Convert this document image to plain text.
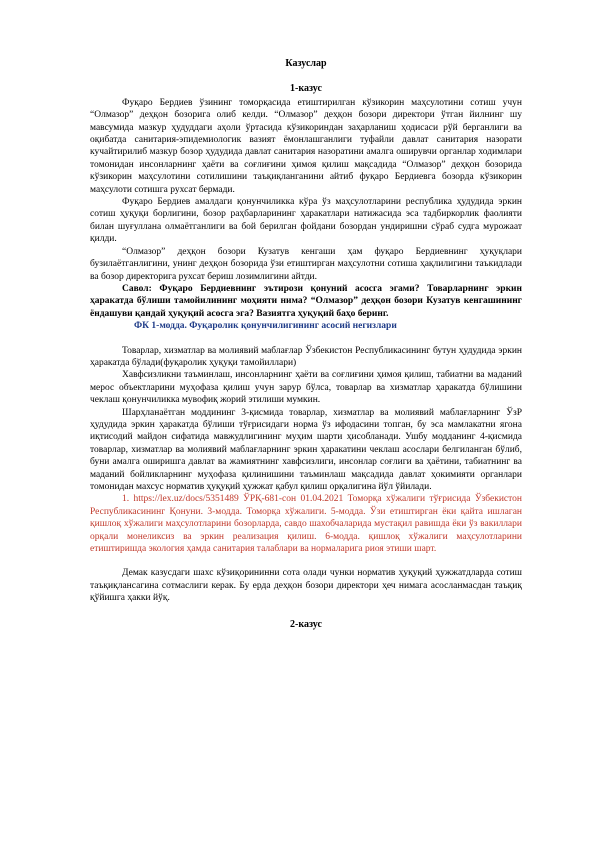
Казуслар
1-казус

Фуқаро Бердиев ўзининг томорқасида етиштирилган кўзикорин маҳсулотини сотиш учун “Олмазор” деҳқон бозорига олиб келди. “Олмазор” деҳқон бозори директори ўтган йилнинг шу мавсумида мазкур ҳудуддаги аҳоли ўртасида кўзикориндан заҳарланиш ҳодисаси рўй берганлиги ва оқибатда санитария-эпидемиологик вазият ёмонлашганлиги туфайли давлат санитария назорати кучайтирилиб мазкур бозор ҳудудида давлат санитария назоратини амалга оширувчи органлар ходимлари томонидан инсонларнинг ҳаёти ва соғлиғини ҳимоя қилиш мақсадида “Олмазор” деҳқон бозорида кўзикорин маҳсулотини сотилишини таъқиқланганини айтиб фуқаро Бердиевга бозорда кўзикорин маҳсулоти сотишга рухсат бермади.

Фуқаро Бердиев амалдаги қонунчиликка кўра ўз маҳсулотларини республика ҳудудида эркин сотиш ҳуқуқи борлигини, бозор раҳбарларининг ҳаракатлари натижасида эса тадбиркорлик фаолияти билан шуғуллана олмаётганлиги ва бой берилган фойдани бозордан ундиришни сўраб судга мурожаат қилди.

“Олмазор” деҳқон бозори Кузатув кенгаши ҳам фуқаро Бердиевнинг ҳуқуқлари бузилаётганлигини, унинг деҳқон бозорида ўзи етиштирган маҳсулотни сотиша ҳақлилигини таъкидлади ва бозор директорига рухсат бериш лозимлигини айтди.

Савол: Фуқаро Бердиевнинг эътирози қонуний асосга эгами? Товарларнинг эркин ҳаракатда бўлиши тамойилининг моҳияти нима? “Олмазор” деҳқон бозори Кузатув кенгашининг ёндашуви қандай ҳуқуқий асосга эга? Вазиятга ҳуқуқий баҳо беринг.

ФК 1-модда. Фуқаролик қонунчилигининг асосий негизлари

Товарлар, хизматлар ва молиявий маблағлар Ўзбекистон Республикасининг бутун ҳудудида эркин ҳаракатда бўлади(фуқаролик ҳуқуқи тамойиллари)

Хавфсизликни таъминлаш, инсонларнинг ҳаёти ва соғлиғини ҳимоя қилиш, табиатни ва маданий мерос объектларини муҳофаза қилиш учун зарур бўлса, товарлар ва хизматлар ҳаракатда бўлишини чеклаш қонунчиликка мувофиқ жорий этилиши мумкин.

Шарҳланаётган моддининг 3-қисмида товарлар, хизматлар ва молиявий маблағларнинг ЎзР ҳудудида эркин ҳаракатда бўлиши тўғрисидаги норма ўз ифодасини топган, бу эса мамлакатни ягона иқтисодий майдон сифатида мавжудлигининг муҳим шарти ҳисобланади. Ушбу модданинг 4-қисмида товарлар, хизматлар ва молиявий маблағларнинг эркин ҳаракатини чеклаш асослари белгиланган бўлиб, буни амалга оширишга давлат ва жамиятнинг хавфсизлиги, инсонлар соғлиги ва ҳаётини, табиатнинг ва маданий бойликларнинг муҳофаза қилинишини таъминлаш мақсадида давлат ҳокимияти органлари томонидан махсус норматив ҳуқуқий ҳужжат қабул қилиш орқалигина йўл ўйилади.

1. https://lex.uz/docs/5351489 ЎРҚ-681-сон 01.04.2021 Томорқа хўжалиги тўғрисида Ўзбекистон Республикасининг Қонуни. 3-модда. Томорқа хўжалиги. 5-модда. Ўзи етиштирган ёки қайта ишлаган қишлоқ хўжалиги маҳсулотларини бозорларда, савдо шахобчаларида мустақил равишда ёки ўз вакиллари орқали монеликсиз ва эркин реализация қилиш. 6-модда. қишлоқ хўжалиги маҳсулотларини етиштиришда экология ҳамда санитария талаблари ва нормаларига риоя этиши шарт.

Демак казусдаги шахс кўзиқорининни сота олади чунки норматив ҳуқуқий ҳужжатдларда сотиш таъқиқлансагина сотмаслиги керак. Бу ерда деҳқон бозори директори ҳеч нимага асосланмасдан таъқиқ қўйишга ҳакки йўқ.

2-казус
